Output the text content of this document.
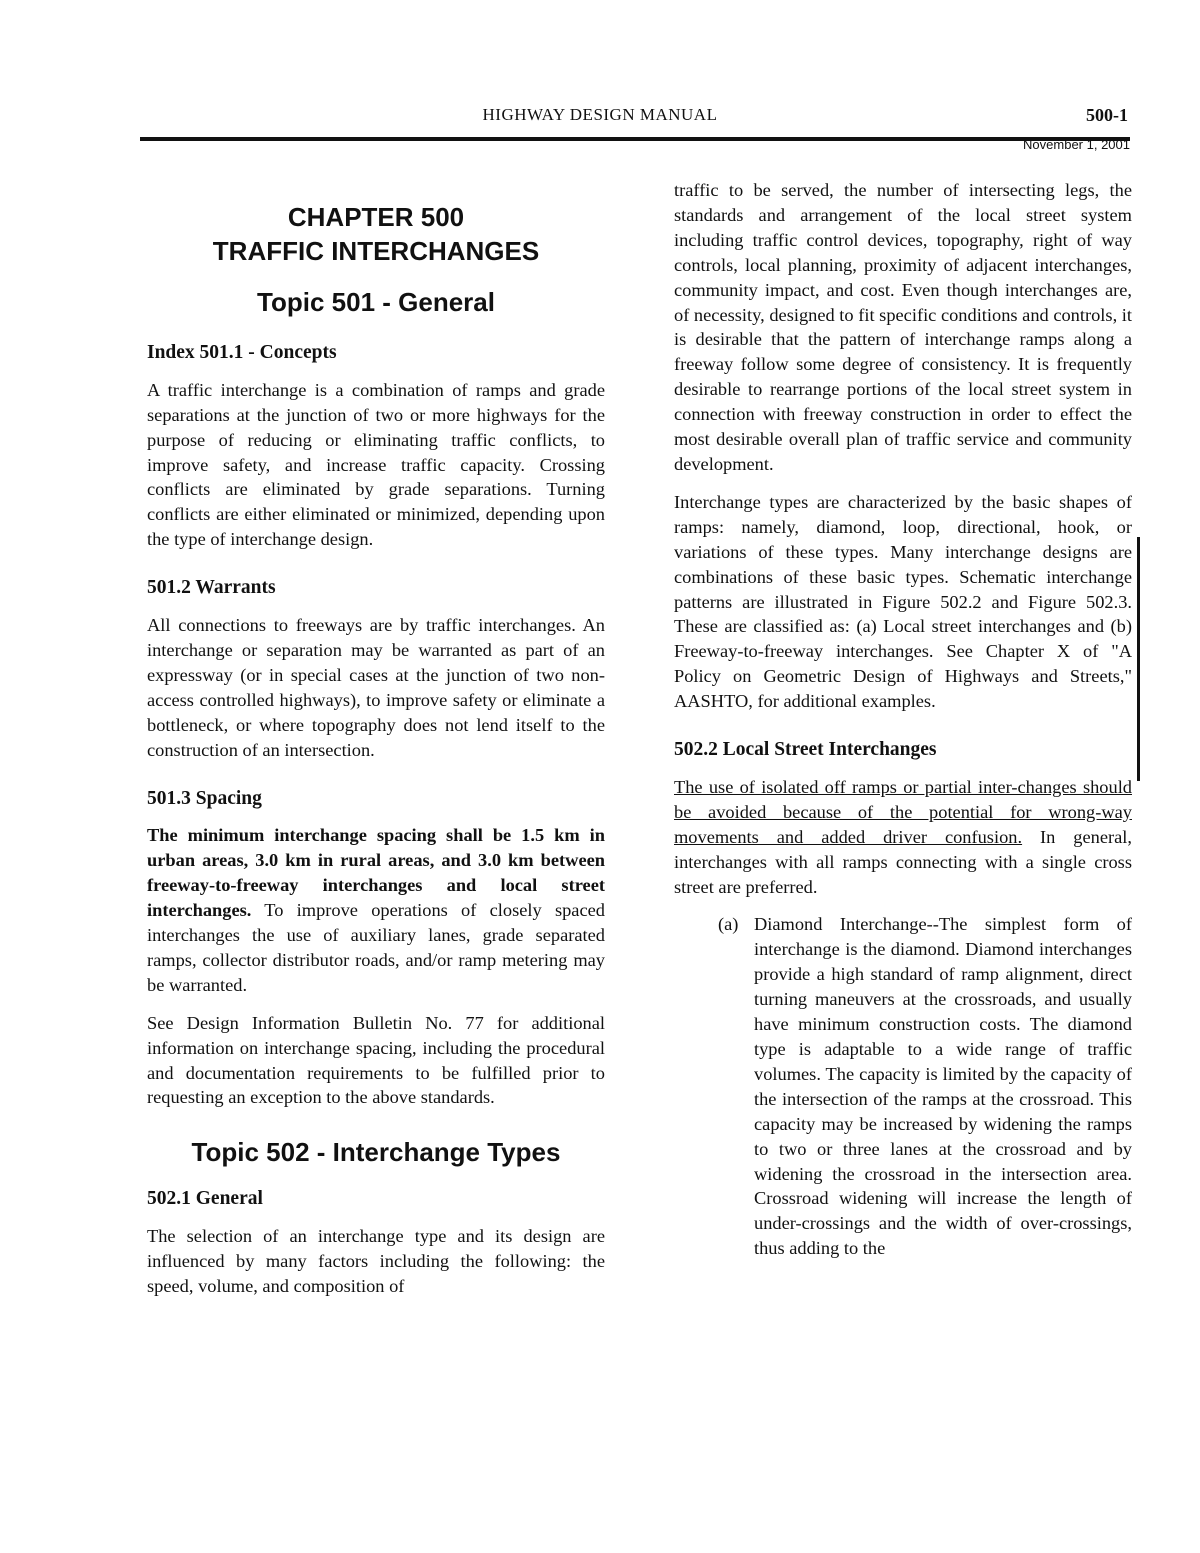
HIGHWAY DESIGN MANUAL	500-1
November 1, 2001
CHAPTER 500
TRAFFIC INTERCHANGES
Topic 501 - General
Index 501.1 - Concepts

A traffic interchange is a combination of ramps and grade separations at the junction of two or more highways for the purpose of reducing or eliminating traffic conflicts, to improve safety, and increase traffic capacity. Crossing conflicts are eliminated by grade separations. Turning conflicts are either eliminated or minimized, depending upon the type of interchange design.

501.2 Warrants

All connections to freeways are by traffic interchanges. An interchange or separation may be warranted as part of an expressway (or in special cases at the junction of two non-access controlled highways), to improve safety or eliminate a bottleneck, or where topography does not lend itself to the construction of an intersection.

501.3 Spacing

The minimum interchange spacing shall be 1.5 km in urban areas, 3.0 km in rural areas, and 3.0 km between freeway-to-freeway interchanges and local street interchanges. To improve operations of closely spaced interchanges the use of auxiliary lanes, grade separated ramps, collector distributor roads, and/or ramp metering may be warranted.

See Design Information Bulletin No. 77 for additional information on interchange spacing, including the procedural and documentation requirements to be fulfilled prior to requesting an exception to the above standards.

Topic 502 - Interchange Types
502.1 General

The selection of an interchange type and its design are influenced by many factors including the following: the speed, volume, and composition of

traffic to be served, the number of intersecting legs, the standards and arrangement of the local street system including traffic control devices, topography, right of way controls, local planning, proximity of adjacent interchanges, community impact, and cost. Even though interchanges are, of necessity, designed to fit specific conditions and controls, it is desirable that the pattern of interchange ramps along a freeway follow some degree of consistency. It is frequently desirable to rearrange portions of the local street system in connection with freeway construction in order to effect the most desirable overall plan of traffic service and community development.

Interchange types are characterized by the basic shapes of ramps: namely, diamond, loop, directional, hook, or variations of these types. Many interchange designs are combinations of these basic types. Schematic interchange patterns are illustrated in Figure 502.2 and Figure 502.3. These are classified as: (a) Local street interchanges and (b) Freeway-to-freeway interchanges. See Chapter X of "A Policy on Geometric Design of Highways and Streets," AASHTO, for additional examples.

502.2 Local Street Interchanges

The use of isolated off ramps or partial inter-changes should be avoided because of the potential for wrong-way movements and added driver confusion. In general, interchanges with all ramps connecting with a single cross street are preferred.

(a) Diamond Interchange--The simplest form of interchange is the diamond. Diamond interchanges provide a high standard of ramp alignment, direct turning maneuvers at the crossroads, and usually have minimum construction costs. The diamond type is adaptable to a wide range of traffic volumes. The capacity is limited by the capacity of the intersection of the ramps at the crossroad. This capacity may be increased by widening the ramps to two or three lanes at the crossroad and by widening the crossroad in the intersection area. Crossroad widening will increase the length of under-crossings and the width of over-crossings, thus adding to the
